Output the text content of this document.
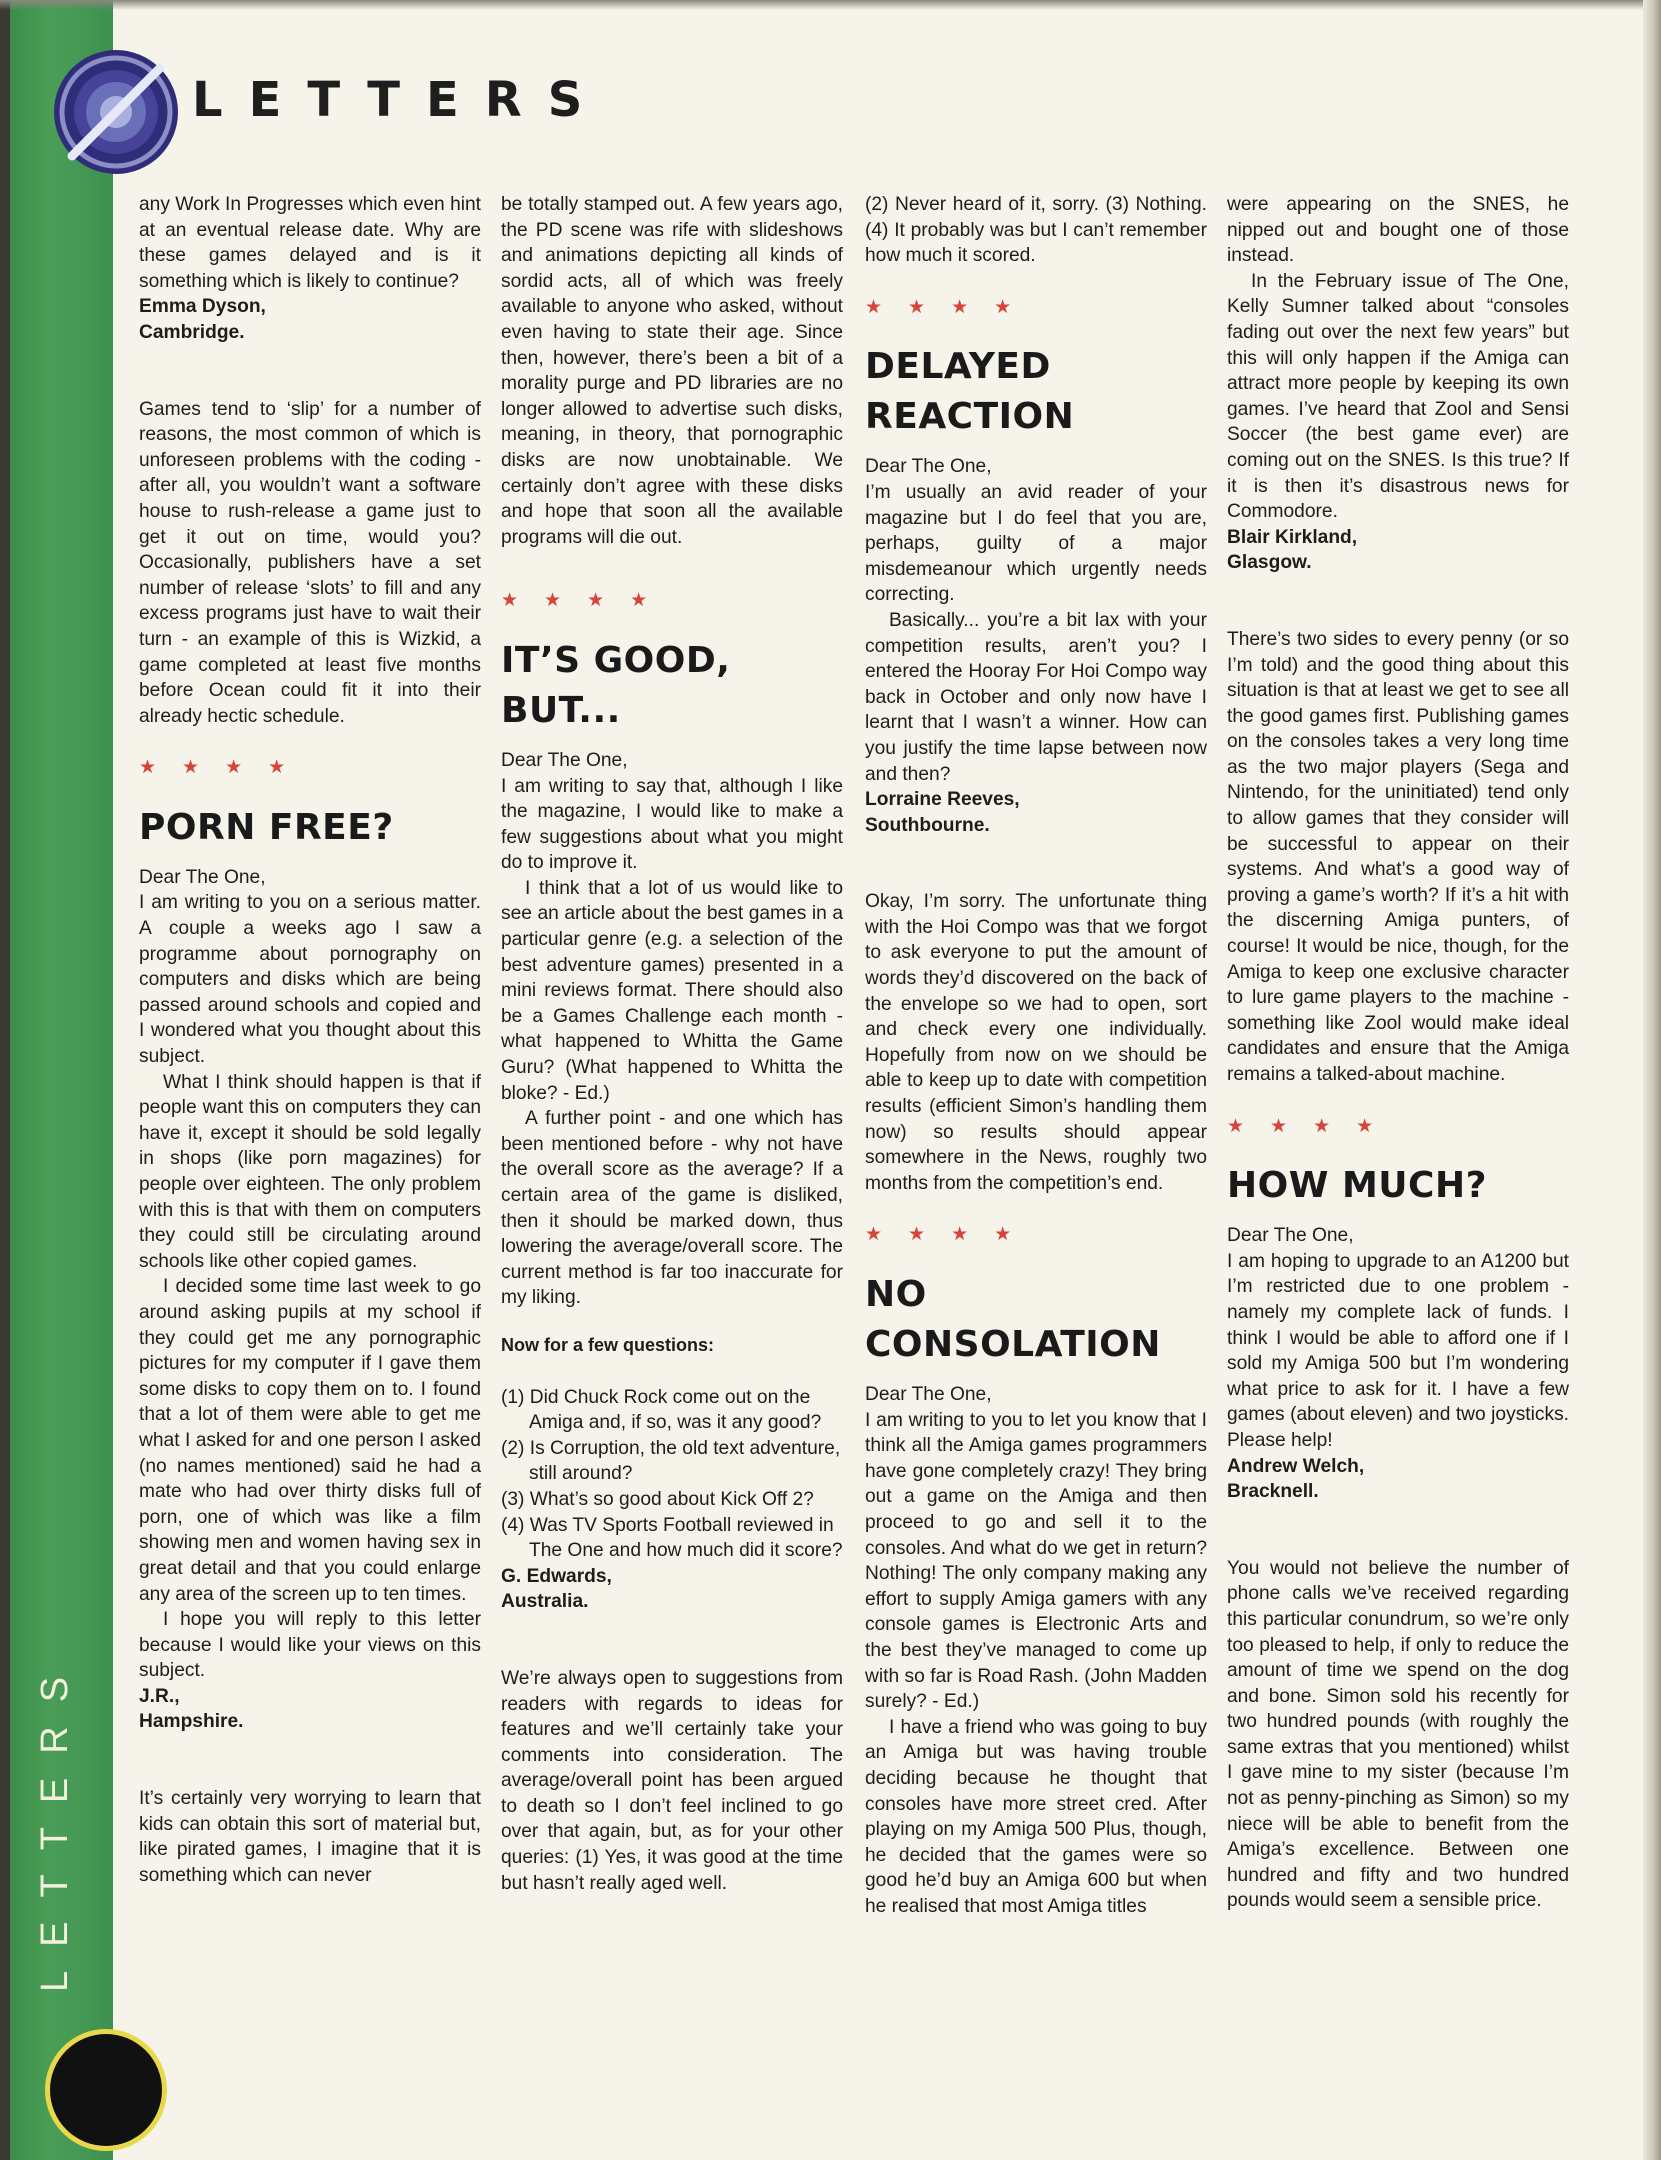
LETTERS
LETTERS

any Work In Progresses which even hint at an eventual release date. Why are these games delayed and is it something which is likely to continue?

Emma Dyson,

Cambridge.

Games tend to ‘slip’ for a number of reasons, the most common of which is unforeseen problems with the coding - after all, you wouldn’t want a software house to rush-release a game just to get it out on time, would you? Occasionally, publishers have a set number of release ‘slots’ to fill and any excess programs just have to wait their turn - an example of this is Wizkid, a game completed at least five months before Ocean could fit it into their already hectic schedule.

★★★★

PORN FREE?

Dear The One,

I am writing to you on a serious matter. A couple a weeks ago I saw a programme about pornography on computers and disks which are being passed around schools and copied and I wondered what you thought about this subject.

What I think should happen is that if people want this on computers they can have it, except it should be sold legally in shops (like porn magazines) for people over eighteen. The only problem with this is that with them on computers they could still be circulating around schools like other copied games.

I decided some time last week to go around asking pupils at my school if they could get me any pornographic pictures for my computer if I gave them some disks to copy them on to. I found that a lot of them were able to get me what I asked for and one person I asked (no names mentioned) said he had a mate who had over thirty disks full of porn, one of which was like a film showing men and women having sex in great detail and that you could enlarge any area of the screen up to ten times.

I hope you will reply to this letter because I would like your views on this subject.

J.R.,

Hampshire.

It’s certainly very worrying to learn that kids can obtain this sort of material but, like pirated games, I imagine that it is something which can never

be totally stamped out. A few years ago, the PD scene was rife with slideshows and animations depicting all kinds of sordid acts, all of which was freely available to anyone who asked, without even having to state their age. Since then, however, there’s been a bit of a morality purge and PD libraries are no longer allowed to advertise such disks, meaning, in theory, that pornographic disks are now unobtainable. We certainly don’t agree with these disks and hope that soon all the available programs will die out.

★★★★

IT’S GOOD,
BUT...

Dear The One,

I am writing to say that, although I like the magazine, I would like to make a few suggestions about what you might do to improve it.

I think that a lot of us would like to see an article about the best games in a particular genre (e.g. a selection of the best adventure games) presented in a mini reviews format. There should also be a Games Challenge each month - what happened to Whitta the Game Guru? (What happened to Whitta the bloke? - Ed.)

A further point - and one which has been mentioned before - why not have the overall score as the average? If a certain area of the game is disliked, then it should be marked down, thus lowering the average/overall score. The current method is far too inaccurate for my liking.

Now for a few questions:

(1) Did Chuck Rock come out on the Amiga and, if so, was it any good?
(2) Is Corruption, the old text adventure, still around?
(3) What’s so good about Kick Off 2?
(4) Was TV Sports Football reviewed in The One and how much did it score?

G. Edwards,

Australia.

We’re always open to suggestions from readers with regards to ideas for features and we’ll certainly take your comments into consideration. The average/overall point has been argued to death so I don’t feel inclined to go over that again, but, as for your other queries: (1) Yes, it was good at the time but hasn’t really aged well.

(2) Never heard of it, sorry. (3) Nothing. (4) It probably was but I can’t remember how much it scored.

★★★★

DELAYED
REACTION

Dear The One,

I’m usually an avid reader of your magazine but I do feel that you are, perhaps, guilty of a major misdemeanour which urgently needs correcting.

Basically... you’re a bit lax with your competition results, aren’t you? I entered the Hooray For Hoi Compo way back in October and only now have I learnt that I wasn’t a winner. How can you justify the time lapse between now and then?

Lorraine Reeves,

Southbourne.

Okay, I’m sorry. The unfortunate thing with the Hoi Compo was that we forgot to ask everyone to put the amount of words they’d discovered on the back of the envelope so we had to open, sort and check every one individually. Hopefully from now on we should be able to keep up to date with competition results (efficient Simon’s handling them now) so results should appear somewhere in the News, roughly two months from the competition’s end.

★★★★

NO
CONSOLATION

Dear The One,

I am writing to you to let you know that I think all the Amiga games programmers have gone completely crazy! They bring out a game on the Amiga and then proceed to go and sell it to the consoles. And what do we get in return? Nothing! The only company making any effort to supply Amiga gamers with any console games is Electronic Arts and the best they’ve managed to come up with so far is Road Rash. (John Madden surely? - Ed.)

I have a friend who was going to buy an Amiga but was having trouble deciding because he thought that consoles have more street cred. After playing on my Amiga 500 Plus, though, he decided that the games were so good he’d buy an Amiga 600 but when he realised that most Amiga titles

were appearing on the SNES, he nipped out and bought one of those instead.

In the February issue of The One, Kelly Sumner talked about “consoles fading out over the next few years” but this will only happen if the Amiga can attract more people by keeping its own games. I’ve heard that Zool and Sensi Soccer (the best game ever) are coming out on the SNES. Is this true? If it is then it’s disastrous news for Commodore.

Blair Kirkland,

Glasgow.

There’s two sides to every penny (or so I’m told) and the good thing about this situation is that at least we get to see all the good games first. Publishing games on the consoles takes a very long time as the two major players (Sega and Nintendo, for the uninitiated) tend only to allow games that they consider will be successful to appear on their systems. And what’s a good way of proving a game’s worth? If it’s a hit with the discerning Amiga punters, of course! It would be nice, though, for the Amiga to keep one exclusive character to lure game players to the machine - something like Zool would make ideal candidates and ensure that the Amiga remains a talked-about machine.

★★★★

HOW MUCH?

Dear The One,

I am hoping to upgrade to an A1200 but I’m restricted due to one problem - namely my complete lack of funds. I think I would be able to afford one if I sold my Amiga 500 but I’m wondering what price to ask for it. I have a few games (about eleven) and two joysticks. Please help!

Andrew Welch,

Bracknell.

You would not believe the number of phone calls we’ve received regarding this particular conundrum, so we’re only too pleased to help, if only to reduce the amount of time we spend on the dog and bone. Simon sold his recently for two hundred pounds (with roughly the same extras that you mentioned) whilst I gave mine to my sister (because I’m not as penny-pinching as Simon) so my niece will be able to benefit from the Amiga’s excellence. Between one hundred and fifty and two hundred pounds would seem a sensible price.
